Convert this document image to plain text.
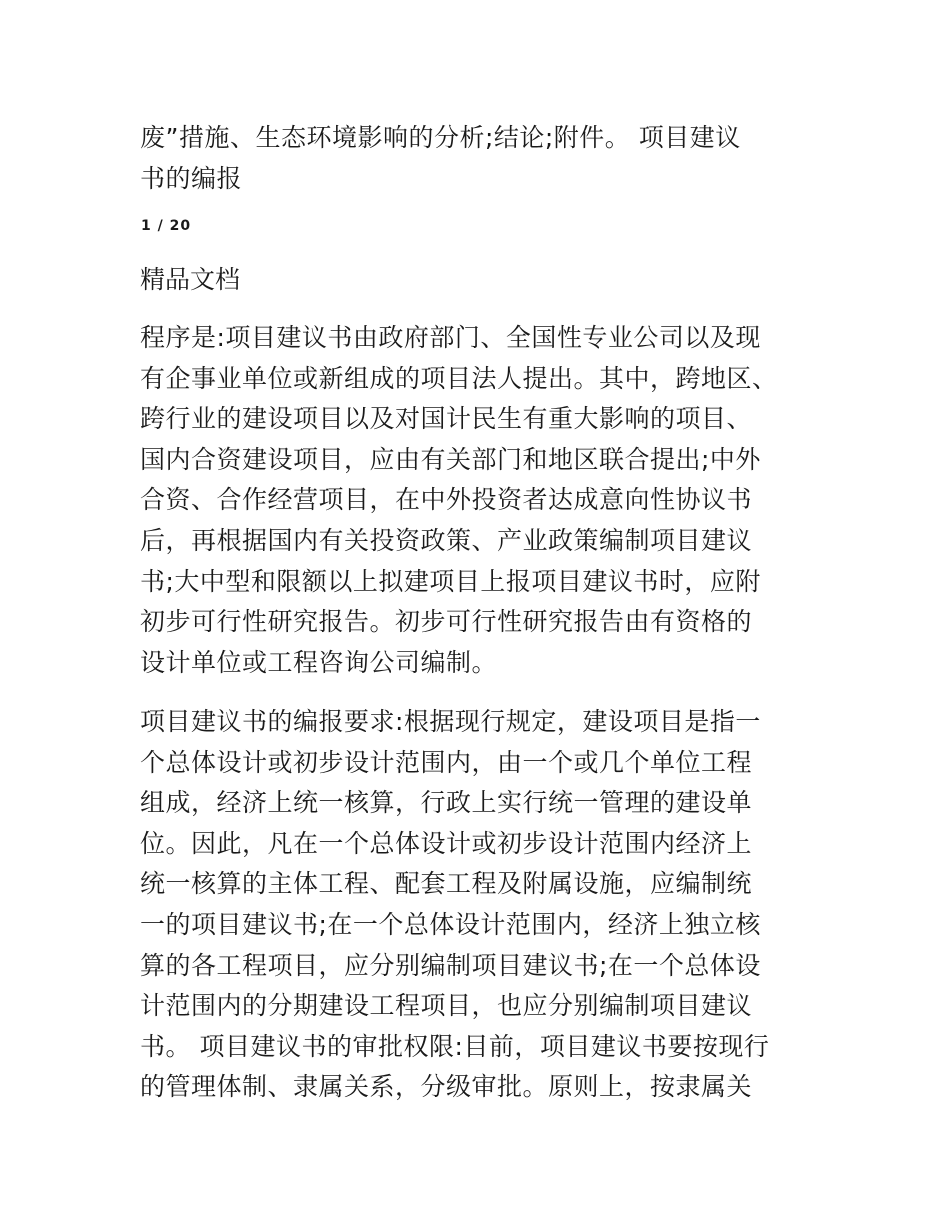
废”措施、生态环境影响的分析;结论;附件。 项目建议
书的编报

1 / 20
精品文档

程序是:项目建议书由政府部门、全国性专业公司以及现
有企事业单位或新组成的项目法人提出。其中，跨地区、
跨行业的建设项目以及对国计民生有重大影响的项目、
国内合资建设项目，应由有关部门和地区联合提出;中外
合资、合作经营项目，在中外投资者达成意向性协议书
后，再根据国内有关投资政策、产业政策编制项目建议
书;大中型和限额以上拟建项目上报项目建议书时，应附
初步可行性研究报告。初步可行性研究报告由有资格的
设计单位或工程咨询公司编制。

项目建议书的编报要求:根据现行规定，建设项目是指一
个总体设计或初步设计范围内，由一个或几个单位工程
组成，经济上统一核算，行政上实行统一管理的建设单
位。因此，凡在一个总体设计或初步设计范围内经济上
统一核算的主体工程、配套工程及附属设施，应编制统
一的项目建议书;在一个总体设计范围内，经济上独立核
算的各工程项目，应分别编制项目建议书;在一个总体设
计范围内的分期建设工程项目，也应分别编制项目建议
书。 项目建议书的审批权限:目前，项目建议书要按现行
的管理体制、隶属关系，分级审批。原则上，按隶属关
